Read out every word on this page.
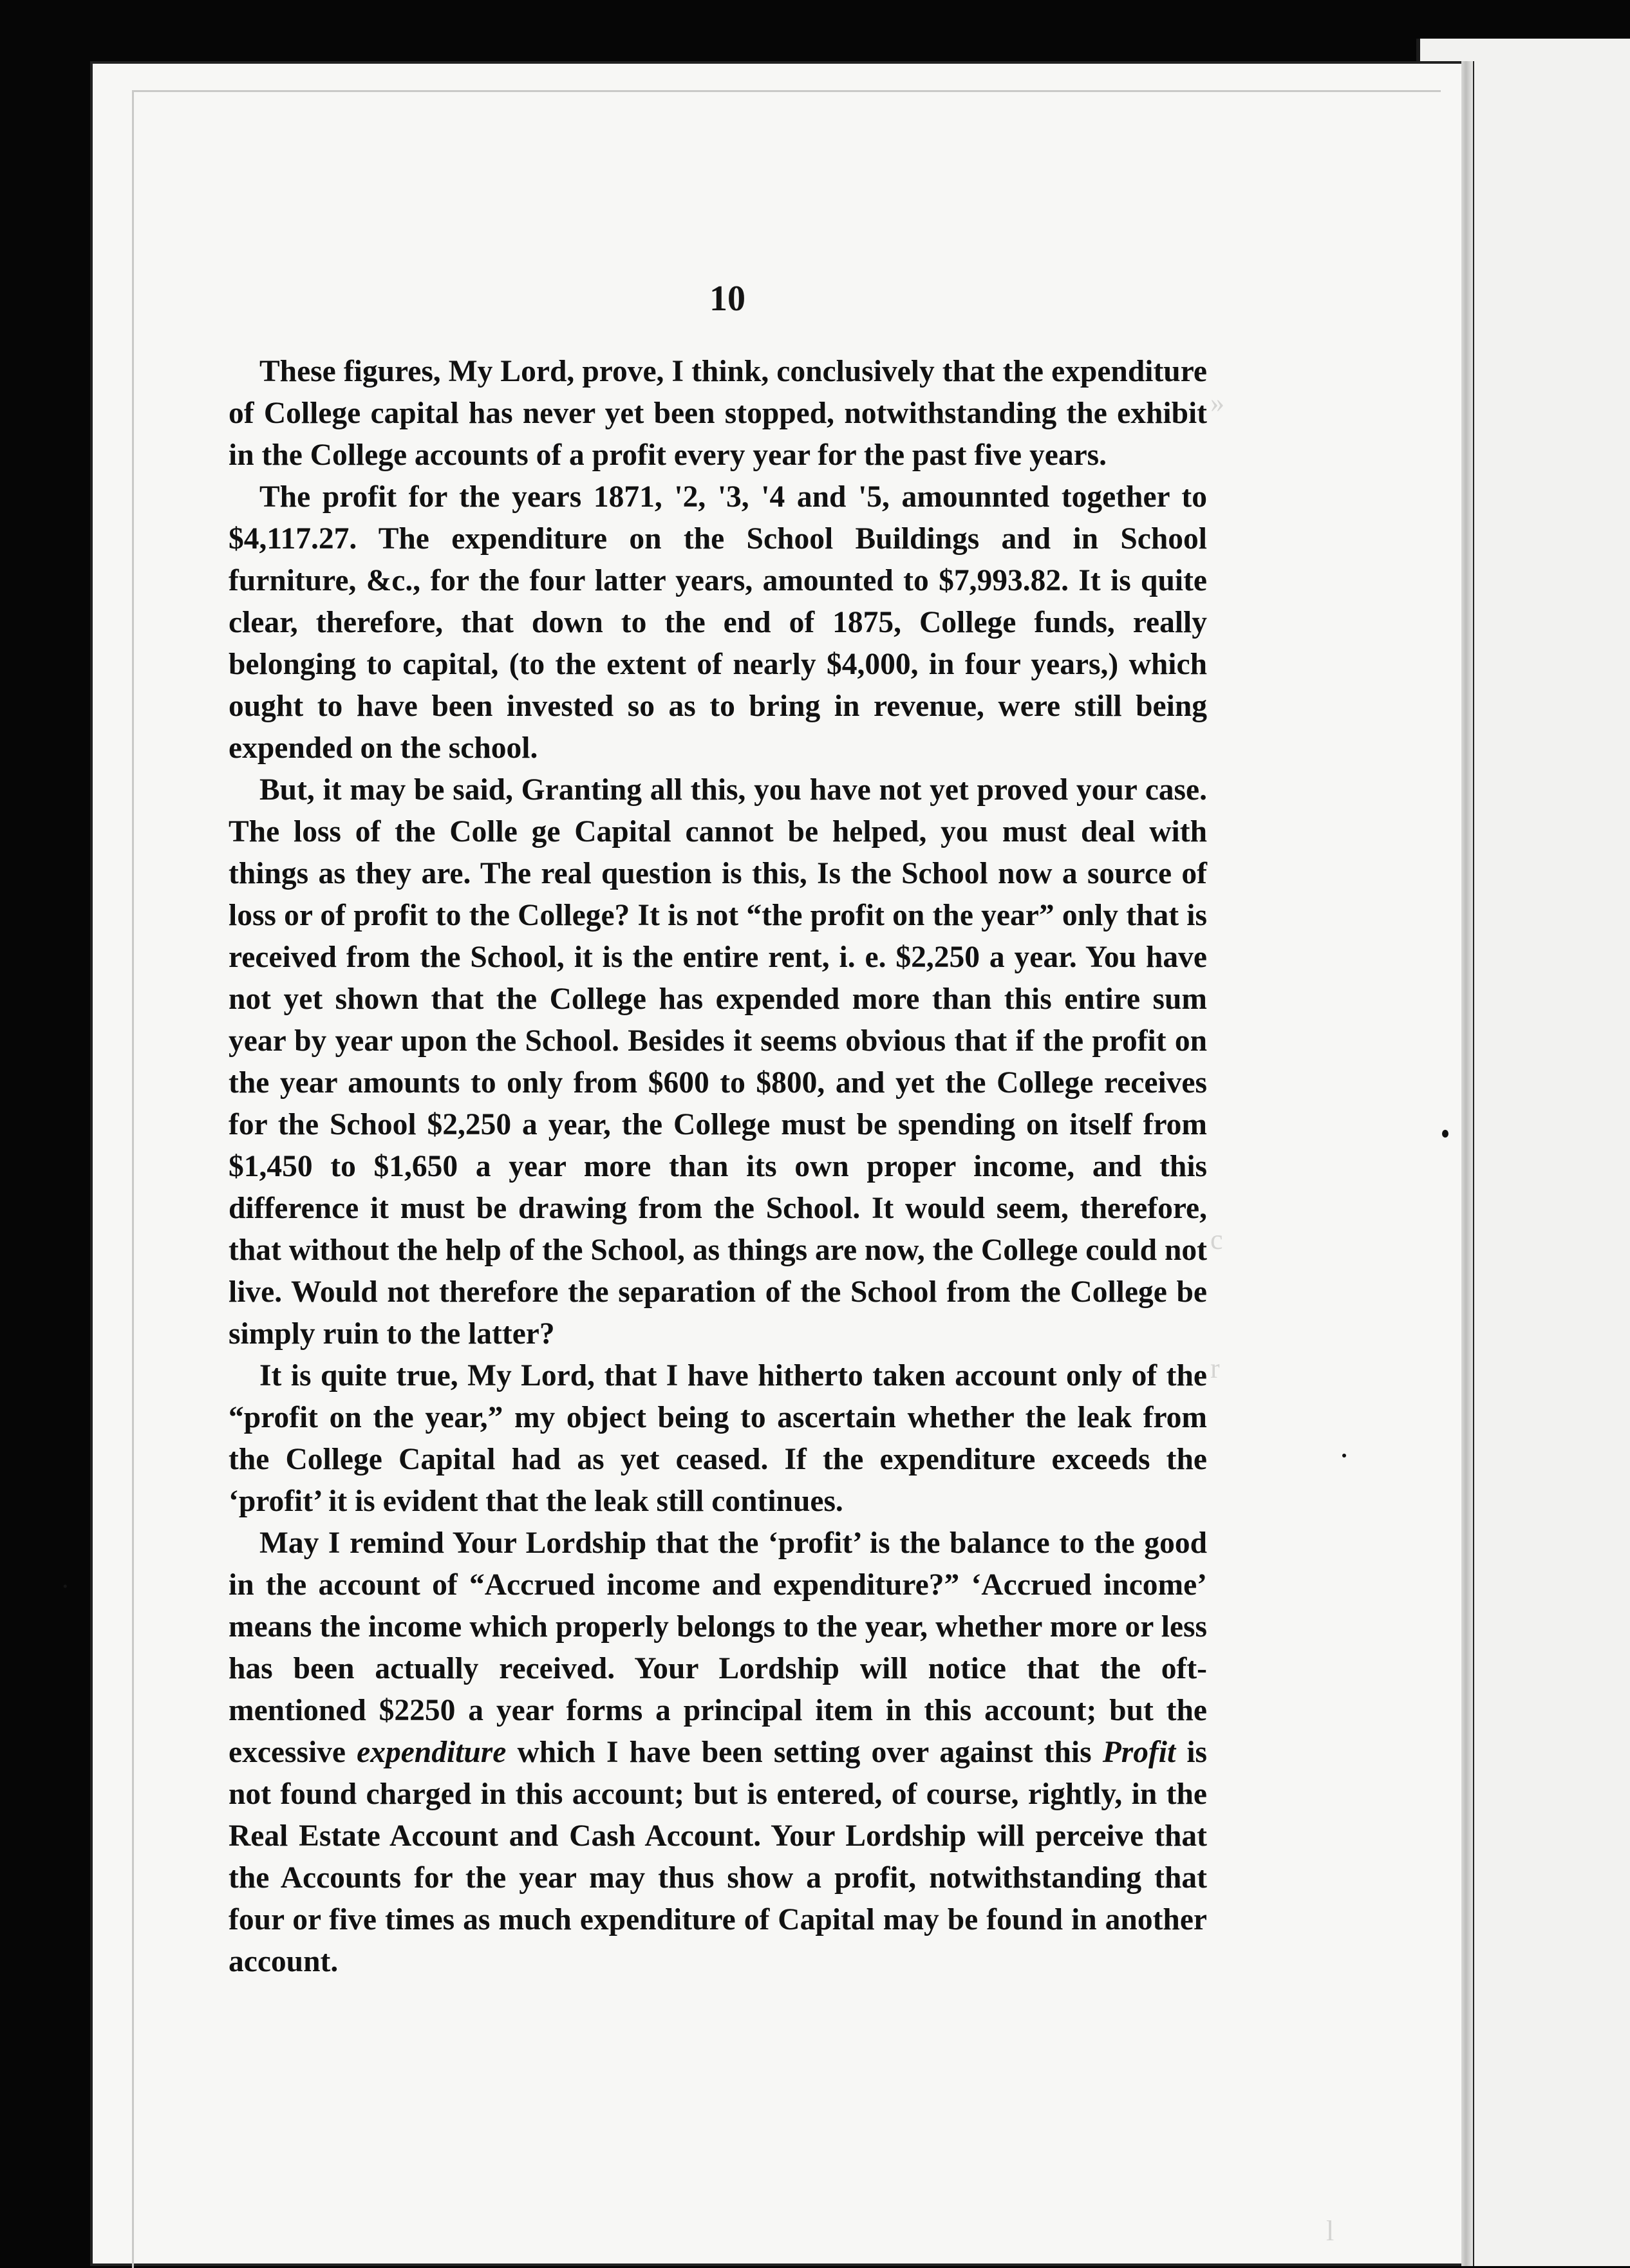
»
c
r
l
10

These figures, My Lord, prove, I think, conclusively that the expenditure of College capital has never yet been stopped, notwithstanding the exhibit in the College accounts of a profit every year for the past five years.

The profit for the years 1871, '2, '3, '4 and '5, amounnted together to $4,117.27. The expenditure on the School Buildings and in School furniture, &c., for the four latter years, amounted to $7,993.82. It is quite clear, therefore, that down to the end of 1875, College funds, really belonging to capital, (to the extent of nearly $4,000, in four years,) which ought to have been invested so as to bring in revenue, were still being expended on the school.

But, it may be said, Granting all this, you have not yet proved your case. The loss of the Colle ge Capital cannot be helped, you must deal with things as they are. The real question is this, Is the School now a source of loss or of profit to the College? It is not “the profit on the year” only that is received from the School, it is the entire rent, i. e. $2,250 a year. You have not yet shown that the College has expended more than this entire sum year by year upon the School. Besides it seems obvious that if the profit on the year amounts to only from $600 to $800, and yet the College receives for the School $2,250 a year, the College must be spending on itself from $1,450 to $1,650 a year more than its own proper income, and this difference it must be drawing from the School. It would seem, therefore, that without the help of the School, as things are now, the College could not live. Would not therefore the separation of the School from the College be simply ruin to the latter?

It is quite true, My Lord, that I have hitherto taken account only of the “profit on the year,” my object being to ascertain whether the leak from the College Capital had as yet ceased. If the expenditure exceeds the ‘profit’ it is evident that the leak still continues.

May I remind Your Lordship that the ‘profit’ is the balance to the good in the account of “Accrued income and expenditure?” ‘Accrued income’ means the income which properly belongs to the year, whether more or less has been actually received. Your Lordship will notice that the oft-mentioned $2250 a year forms a principal item in this account; but the excessive expenditure which I have been setting over against this Profit is not found charged in this account; but is entered, of course, rightly, in the Real Estate Account and Cash Account. Your Lordship will perceive that the Accounts for the year may thus show a profit, notwithstanding that four or five times as much expenditure of Capital may be found in another account.
